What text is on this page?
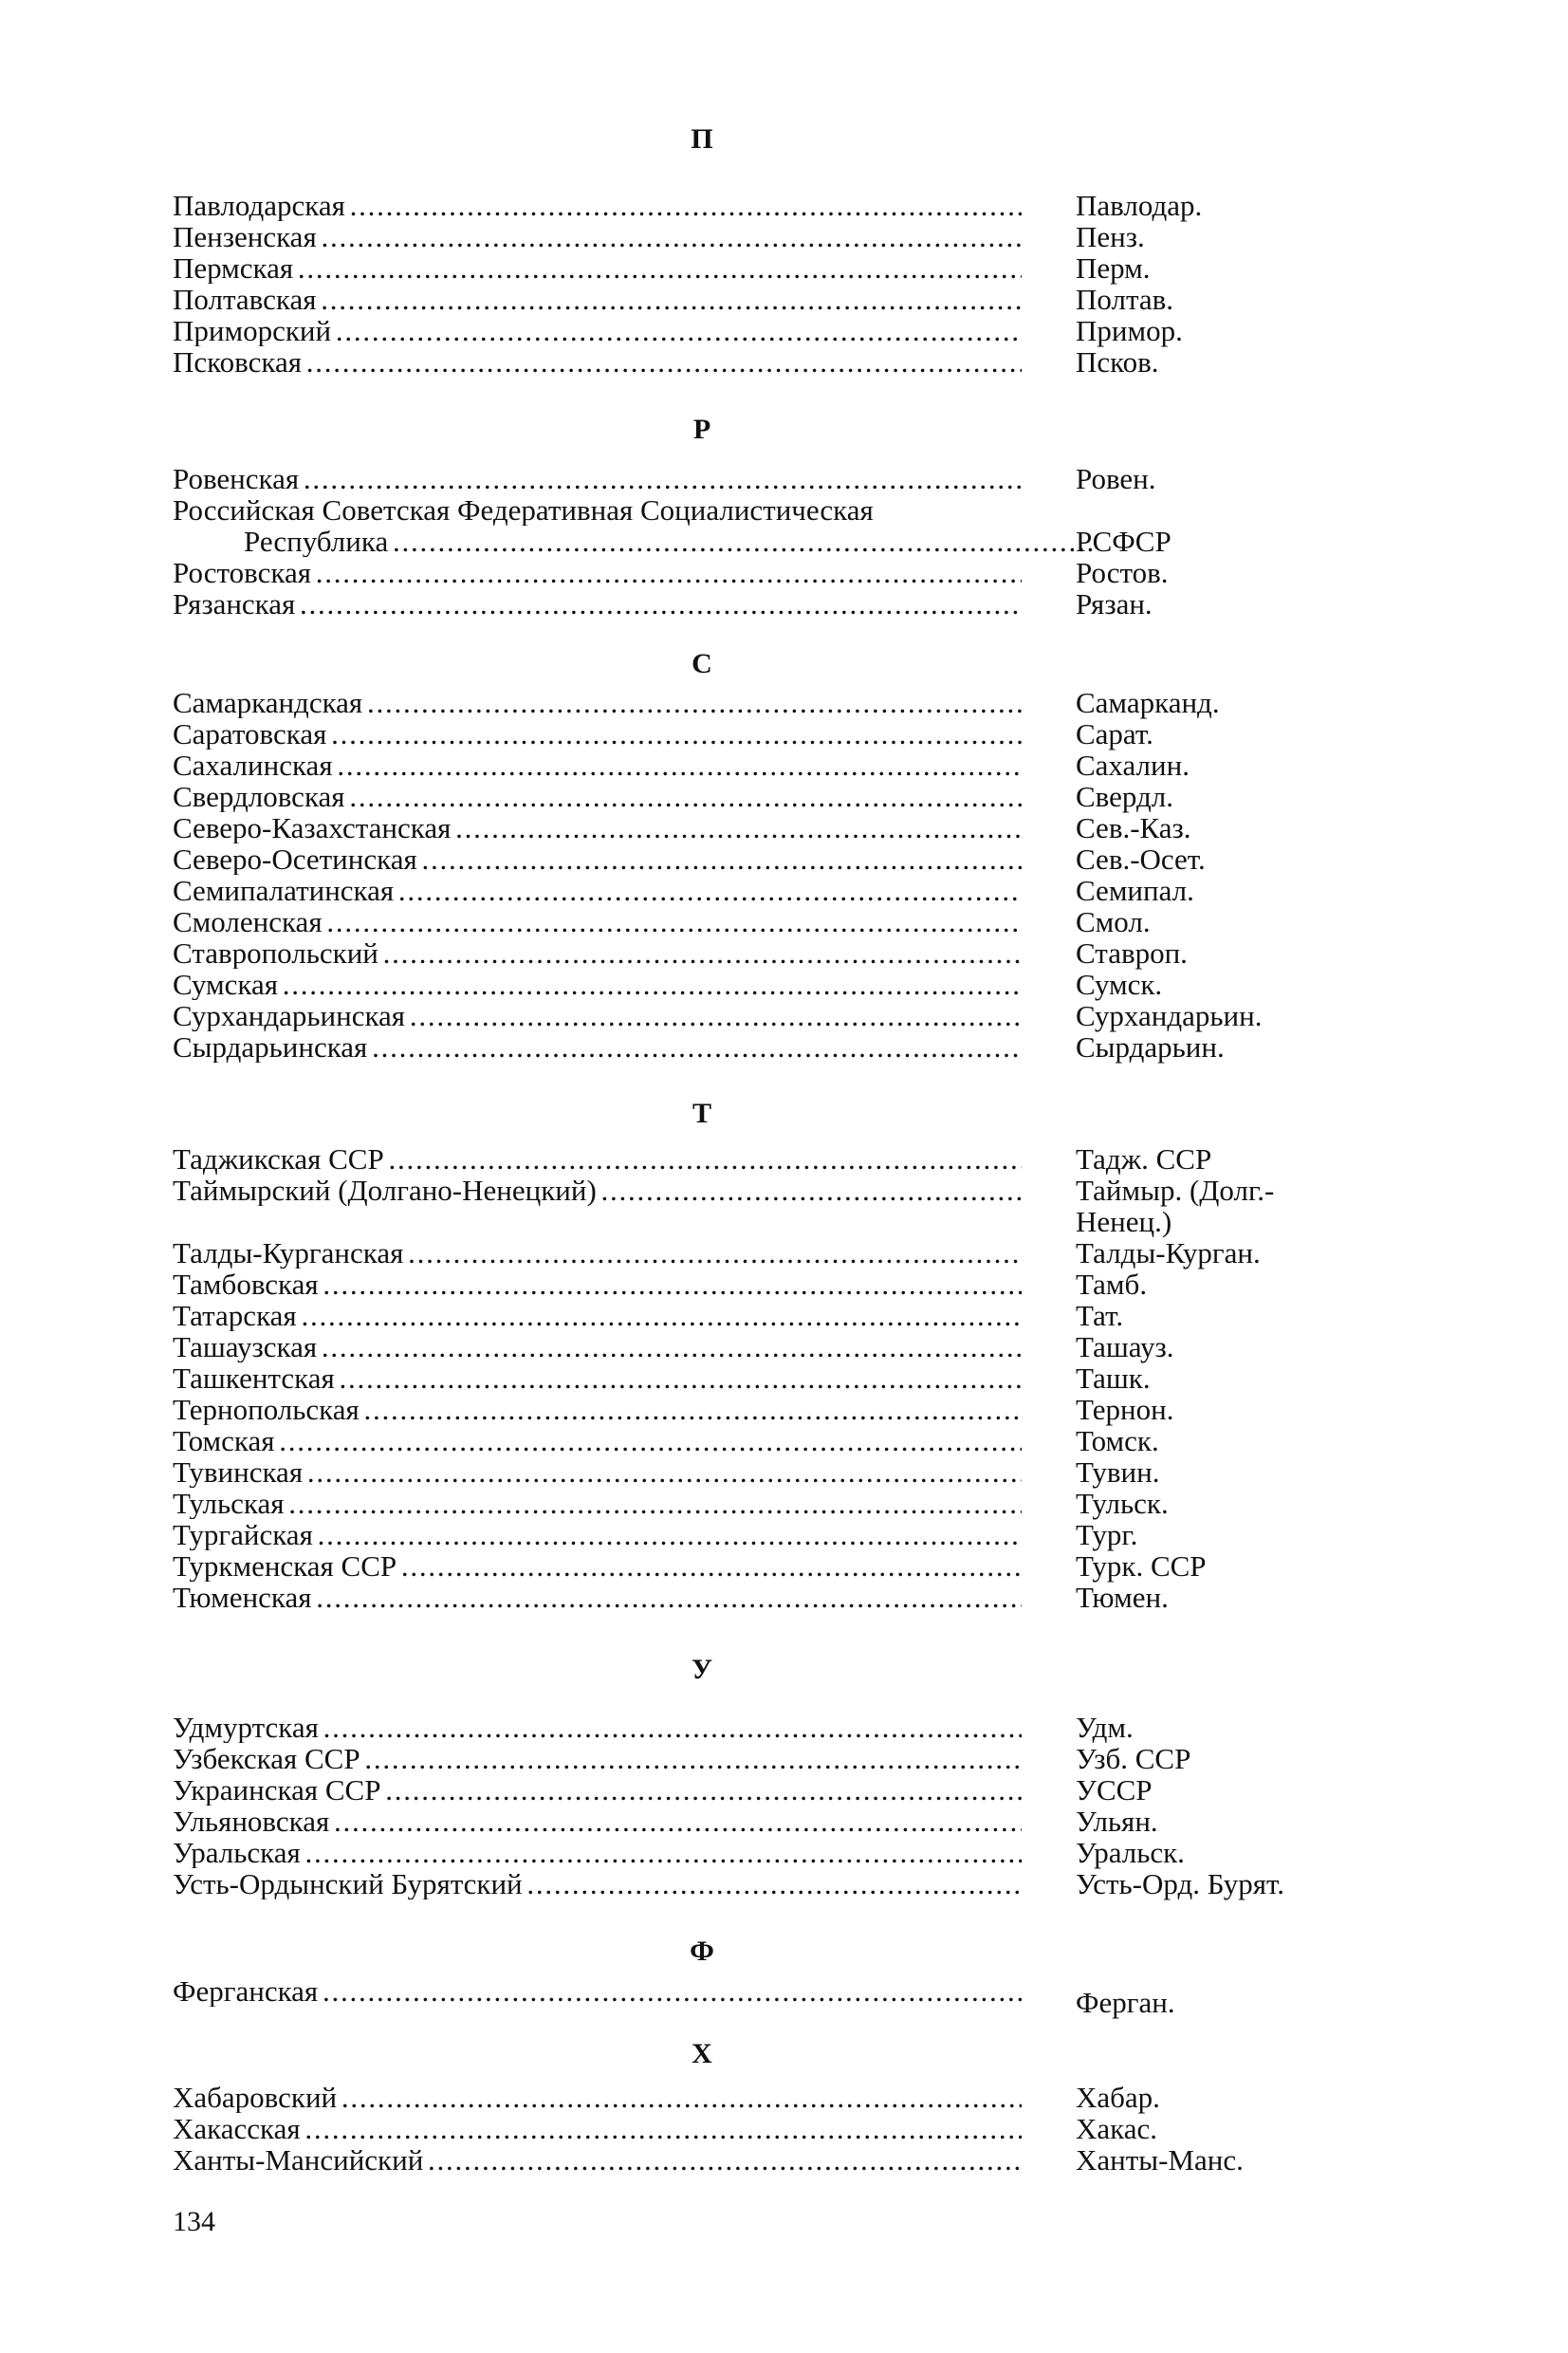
П
Павлодарская . . .	Павлодар.
Пензенская . . .	Пенз.
Пермская . . .	Перм.
Полтавская . . .	Полтав.
Приморский . . .	Примор.
Псковская . . .	Псков.
Р
Ровенская . . .	Ровен.
Российская Советская Федеративная Социалистическая
Республика . . .	РСФСР
Ростовская . . .	Ростов.
Рязанская . . .	Рязан.
С
Самаркандская . . .	Самарканд.
Саратовская . . .	Сарат.
Сахалинская . . .	Сахалин.
Свердловская . . .	Свердл.
Северо-Казахстанская . . .	Сев.-Каз.
Северо-Осетинская . . .	Сев.-Осет.
Семипалатинская . . .	Семипал.
Смоленская . . .	Смол.
Ставропольский . . .	Ставроп.
Сумская . . .	Сумск.
Сурхандарьинская . . .	Сурхандарьин.
Сырдарьинская . . .	Сырдарьин.
Т
Таджикская ССР . . .	Тадж. ССР
Таймырский (Долгано-Ненецкий) . . .	Таймыр. (Долг.-
Ненец.)
Талды-Курганская . . .	Талды-Курган.
Тамбовская . . .	Тамб.
Татарская . . .	Тат.
Ташаузская . . .	Ташауз.
Ташкентская . . .	Ташк.
Тернопольская . . .	Тернон.
Томская . . .	Томск.
Тувинская . . .	Тувин.
Тульская . . .	Тульск.
Тургайская . . .	Тург.
Туркменская ССР . . .	Турк. ССР
Тюменская . . .	Тюмен.
У
Удмуртская . . .	Удм.
Узбекская ССР . . .	Узб. ССР
Украинская ССР . . .	УССР
Ульяновская . . .	Ульян.
Уральская . . .	Уральск.
Усть-Ордынский Бурятский . . .	Усть-Орд. Бурят.
Ф
Ферганская . . .	Ферган.
Х
Хабаровский . . .	Хабар.
Хакасская . . .	Хакас.
Ханты-Мансийский . . .	Ханты-Манс.
134
